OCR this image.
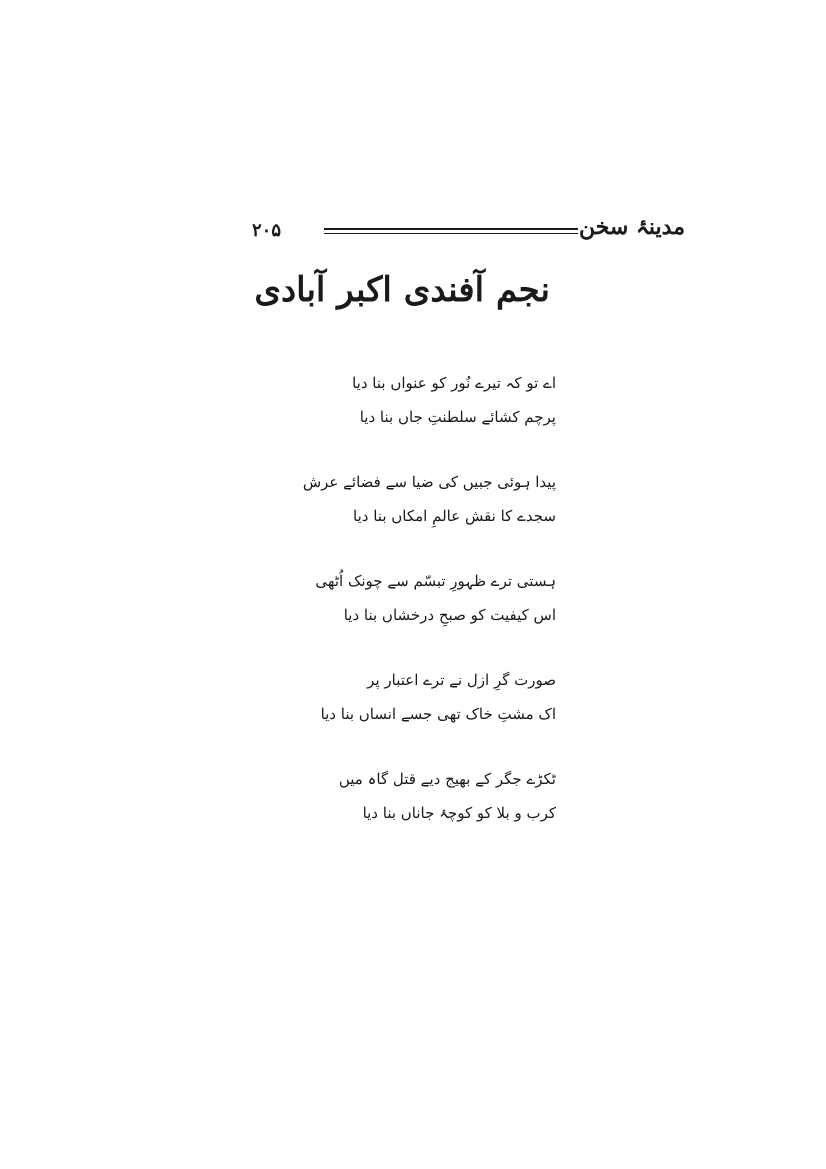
۲۰۵	مدینۂ سخن
نجم آفندی اکبر آبادی
اے تو کہ تیرے نُور کو عنواں بنا دیا
پرچم کشائے سلطنتِ جاں بنا دیا
پیدا ہوئی جبیں کی ضیا سے فضائے عرش
سجدے کا نقش عالمِ امکاں بنا دیا
ہستی ترے ظہورِ تبسّم سے چونک اُٹھی
اس کیفیت کو صبحِ درخشاں بنا دیا
صورت گرِ ازل نے ترے اعتبار پر
اک مشتِ خاک تھی جسے انساں بنا دیا
ٹکڑے جگر کے بھیج دیے قتل گاہ میں
کرب و بلا کو کوچۂ جاناں بنا دیا
